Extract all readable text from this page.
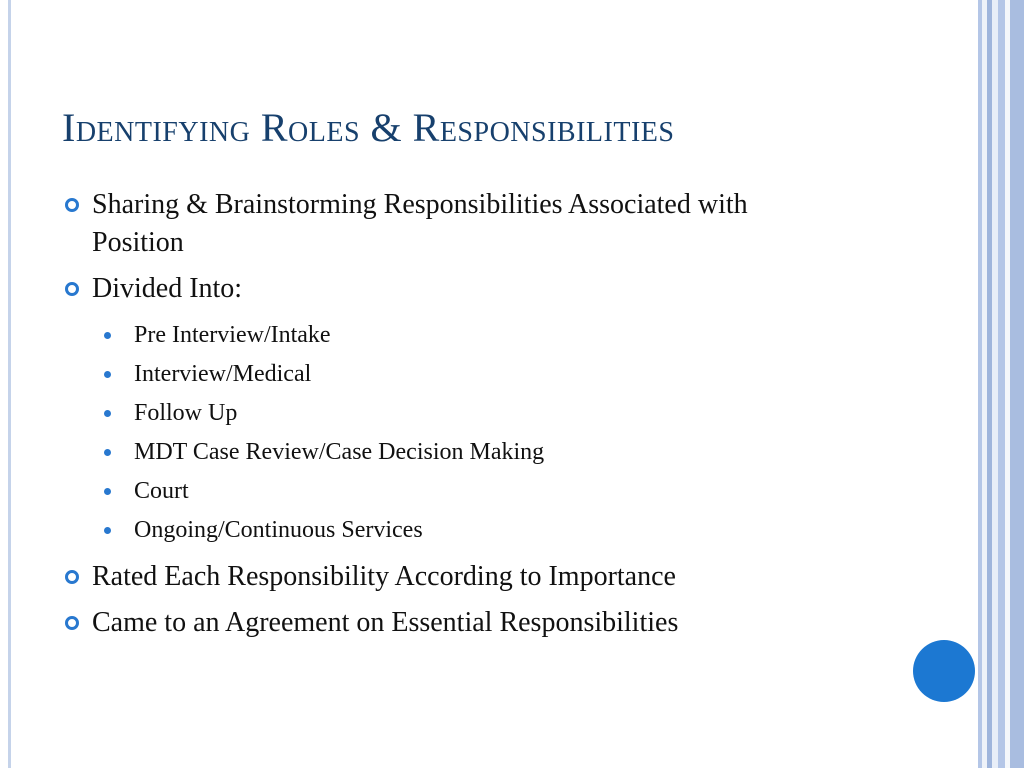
Identifying Roles & Responsibilities
Sharing & Brainstorming Responsibilities Associated with Position
Divided Into:
Pre Interview/Intake
Interview/Medical
Follow Up
MDT Case Review/Case Decision Making
Court
Ongoing/Continuous Services
Rated Each Responsibility According to Importance
Came to an Agreement on Essential Responsibilities
